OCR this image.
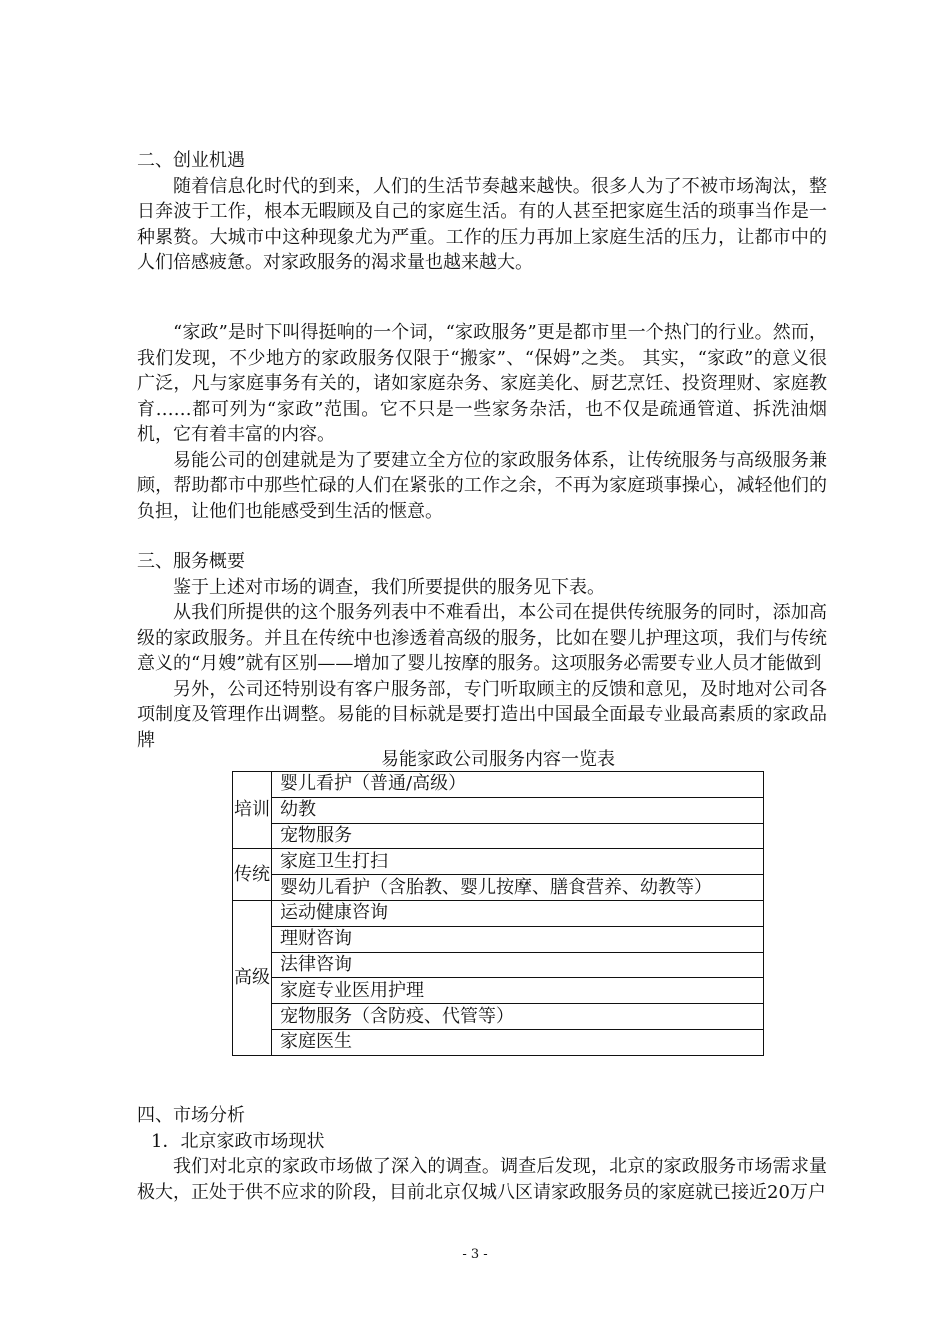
二、创业机遇

随着信息化时代的到来，人们的生活节奏越来越快。很多人为了不被市场淘汰，整日奔波于工作，根本无暇顾及自己的家庭生活。有的人甚至把家庭生活的琐事当作是一种累赘。大城市中这种现象尤为严重。工作的压力再加上家庭生活的压力，让都市中的人们倍感疲惫。对家政服务的渴求量也越来越大。

“家政”是时下叫得挺响的一个词，“家政服务”更是都市里一个热门的行业。然而，我们发现，不少地方的家政服务仅限于“搬家”、“保姆”之类。 其实，“家政”的意义很广泛，凡与家庭事务有关的，诸如家庭杂务、家庭美化、厨艺烹饪、投资理财、家庭教育……都可列为“家政”范围。它不只是一些家务杂活，也不仅是疏通管道、拆洗油烟机，它有着丰富的内容。

易能公司的创建就是为了要建立全方位的家政服务体系，让传统服务与高级服务兼顾，帮助都市中那些忙碌的人们在紧张的工作之余，不再为家庭琐事操心，减轻他们的负担，让他们也能感受到生活的惬意。

三、服务概要

鉴于上述对市场的调查，我们所要提供的服务见下表。

从我们所提供的这个服务列表中不难看出，本公司在提供传统服务的同时，添加高级的家政服务。并且在传统中也渗透着高级的服务，比如在婴儿护理这项，我们与传统意义的“月嫂”就有区别——增加了婴儿按摩的服务。这项服务必需要专业人员才能做到

另外，公司还特别设有客户服务部，专门听取顾主的反馈和意见，及时地对公司各项制度及管理作出调整。易能的目标就是要打造出中国最全面最专业最高素质的家政品牌

易能家政公司服务内容一览表
培训	婴儿看护（普通/高级）
	幼教
	宠物服务
传统	家庭卫生打扫
	婴幼儿看护（含胎教、婴儿按摩、膳食营养、幼教等）
高级	运动健康咨询
	理财咨询
	法律咨询
	家庭专业医用护理
	宠物服务（含防疫、代管等）
	家庭医生

四、市场分析

1．北京家政市场现状

我们对北京的家政市场做了深入的调查。调查后发现，北京的家政服务市场需求量极大，正处于供不应求的阶段，目前北京仅城八区请家政服务员的家庭就已接近20万户

- 3 -
